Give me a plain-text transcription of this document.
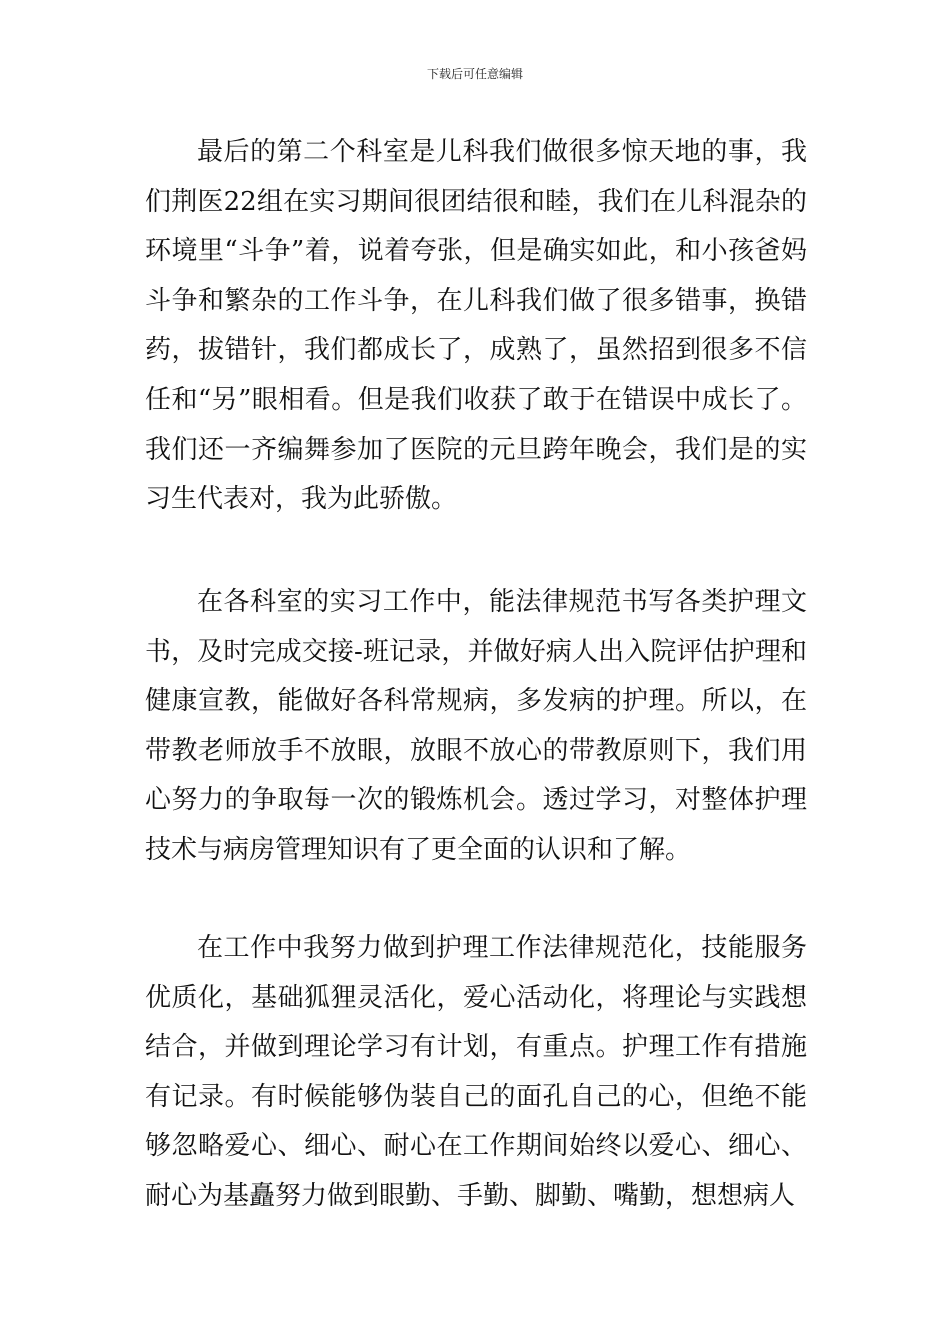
下载后可任意编辑

最后的第二个科室是儿科我们做很多惊天地的事，我们荆医22组在实习期间很团结很和睦，我们在儿科混杂的环境里“斗争”着，说着夸张，但是确实如此，和小孩爸妈斗争和繁杂的工作斗争，在儿科我们做了很多错事，换错药，拔错针，我们都成长了，成熟了，虽然招到很多不信任和“另”眼相看。但是我们收获了敢于在错误中成长了。我们还一齐编舞参加了医院的元旦跨年晚会，我们是的实习生代表对，我为此骄傲。

在各科室的实习工作中，能法律规范书写各类护理文书，及时完成交接-班记录，并做好病人出入院评估护理和健康宣教，能做好各科常规病，多发病的护理。所以，在带教老师放手不放眼，放眼不放心的带教原则下，我们用心努力的争取每一次的锻炼机会。透过学习，对整体护理技术与病房管理知识有了更全面的认识和了解。

在工作中我努力做到护理工作法律规范化，技能服务优质化，基础狐狸灵活化，爱心活动化，将理论与实践想结合，并做到理论学习有计划，有重点。护理工作有措施有记录。有时候能够伪装自己的面孔自己的心，但绝不能够忽略爱心、细心、耐心在工作期间始终以爱心、细心、耐心为基矗努力做到眼勤、手勤、脚勤、嘴勤，想想病人
